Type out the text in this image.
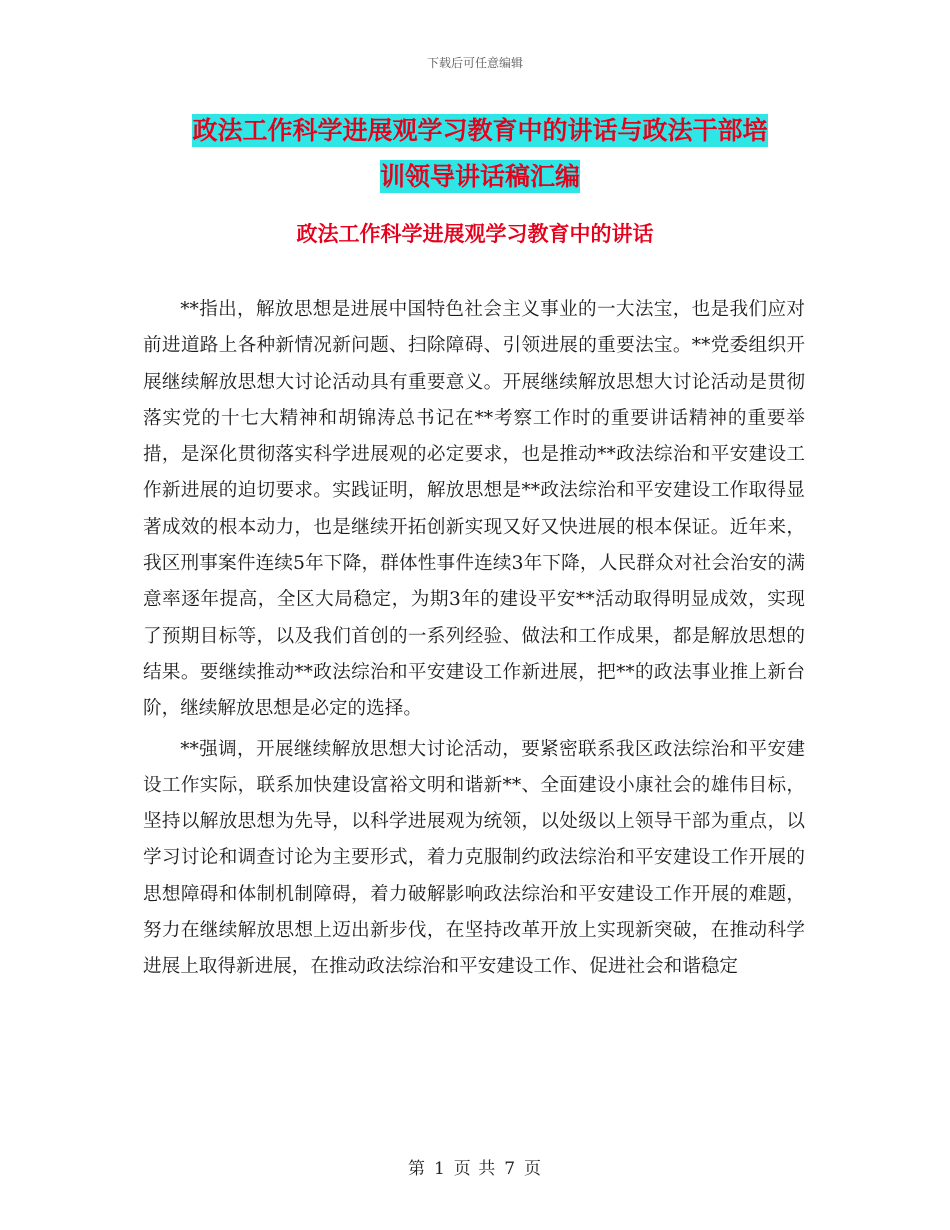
下载后可任意编辑
政法工作科学进展观学习教育中的讲话与政法干部培
训领导讲话稿汇编
政法工作科学进展观学习教育中的讲话

**指出，解放思想是进展中国特色社会主义事业的一大法宝，也是我们应对前进道路上各种新情况新问题、扫除障碍、引领进展的重要法宝。**党委组织开展继续解放思想大讨论活动具有重要意义。开展继续解放思想大讨论活动是贯彻落实党的十七大精神和胡锦涛总书记在**考察工作时的重要讲话精神的重要举措，是深化贯彻落实科学进展观的必定要求，也是推动**政法综治和平安建设工作新进展的迫切要求。实践证明，解放思想是**政法综治和平安建设工作取得显著成效的根本动力，也是继续开拓创新实现又好又快进展的根本保证。近年来，我区刑事案件连续5年下降，群体性事件连续3年下降，人民群众对社会治安的满意率逐年提高，全区大局稳定，为期3年的建设平安**活动取得明显成效，实现了预期目标等，以及我们首创的一系列经验、做法和工作成果，都是解放思想的结果。要继续推动**政法综治和平安建设工作新进展，把**的政法事业推上新台阶，继续解放思想是必定的选择。

**强调，开展继续解放思想大讨论活动，要紧密联系我区政法综治和平安建设工作实际，联系加快建设富裕文明和谐新**、全面建设小康社会的雄伟目标，坚持以解放思想为先导，以科学进展观为统领，以处级以上领导干部为重点，以学习讨论和调查讨论为主要形式，着力克服制约政法综治和平安建设工作开展的思想障碍和体制机制障碍，着力破解影响政法综治和平安建设工作开展的难题，努力在继续解放思想上迈出新步伐，在坚持改革开放上实现新突破，在推动科学进展上取得新进展，在推动政法综治和平安建设工作、促进社会和谐稳定

第 1 页 共 7 页
